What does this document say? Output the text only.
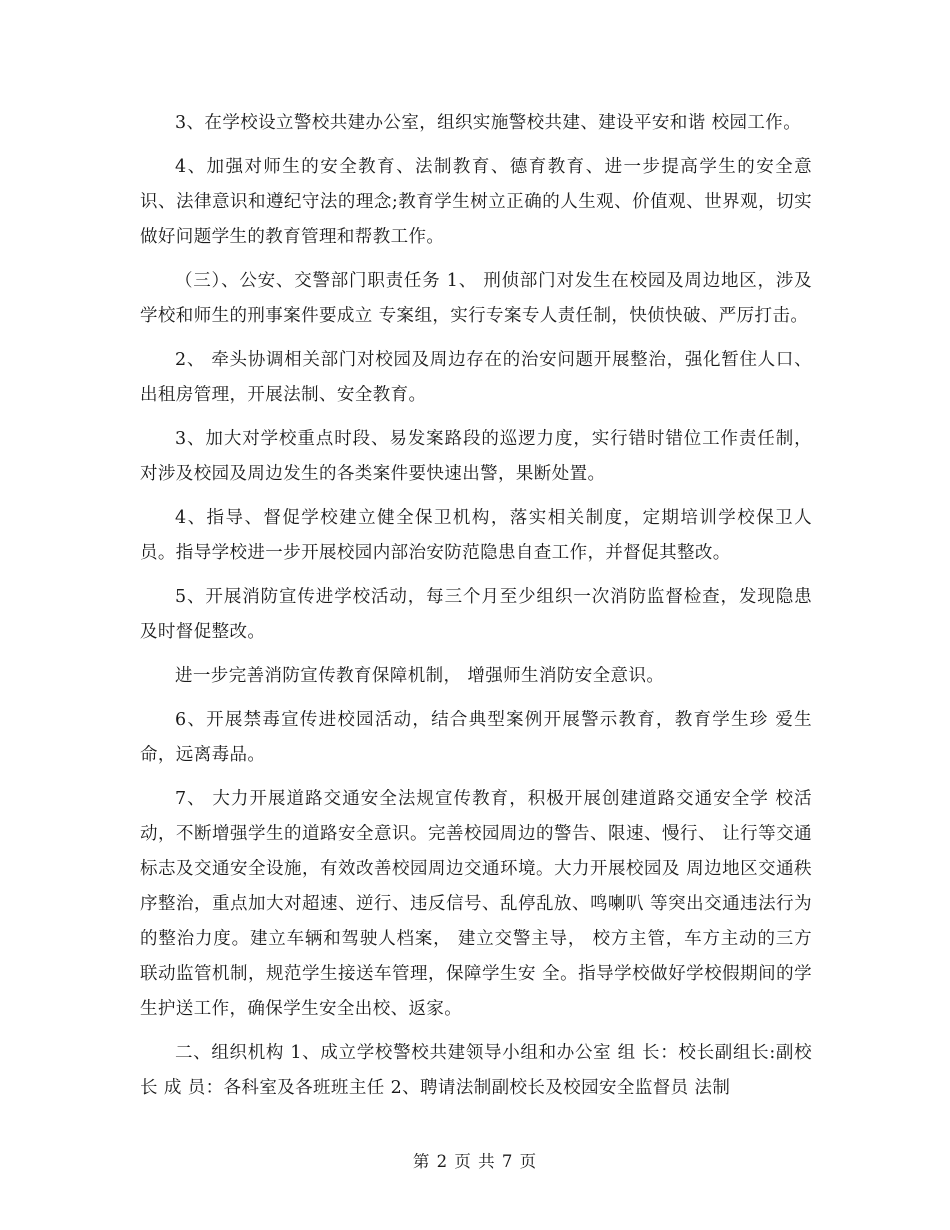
3、在学校设立警校共建办公室，组织实施警校共建、建设平安和谐 校园工作。

4、加强对师生的安全教育、法制教育、德育教育、进一步提高学生的安全意识、法律意识和遵纪守法的理念;教育学生树立正确的人生观、价值观、世界观，切实做好问题学生的教育管理和帮教工作。

（三）、公安、交警部门职责任务 1、 刑侦部门对发生在校园及周边地区，涉及学校和师生的刑事案件要成立 专案组，实行专案专人责任制，快侦快破、严厉打击。

2、 牵头协调相关部门对校园及周边存在的治安问题开展整治，强化暂住人口、出租房管理，开展法制、安全教育。

3、加大对学校重点时段、易发案路段的巡逻力度，实行错时错位工作责任制，对涉及校园及周边发生的各类案件要快速出警，果断处置。

4、指导、督促学校建立健全保卫机构，落实相关制度，定期培训学校保卫人员。指导学校进一步开展校园内部治安防范隐患自查工作，并督促其整改。

5、开展消防宣传进学校活动，每三个月至少组织一次消防监督检查，发现隐患及时督促整改。

进一步完善消防宣传教育保障机制， 增强师生消防安全意识。

6、开展禁毒宣传进校园活动，结合典型案例开展警示教育，教育学生珍 爱生命，远离毒品。

7、 大力开展道路交通安全法规宣传教育，积极开展创建道路交通安全学 校活动，不断增强学生的道路安全意识。完善校园周边的警告、限速、慢行、 让行等交通标志及交通安全设施，有效改善校园周边交通环境。大力开展校园及 周边地区交通秩序整治，重点加大对超速、逆行、违反信号、乱停乱放、鸣喇叭 等突出交通违法行为的整治力度。建立车辆和驾驶人档案， 建立交警主导， 校方主管，车方主动的三方联动监管机制，规范学生接送车管理，保障学生安 全。指导学校做好学校假期间的学生护送工作，确保学生安全出校、返家。

二、组织机构 1、成立学校警校共建领导小组和办公室 组 长：校长副组长:副校长 成 员：各科室及各班班主任 2、聘请法制副校长及校园安全监督员 法制

第 2 页 共 7 页
